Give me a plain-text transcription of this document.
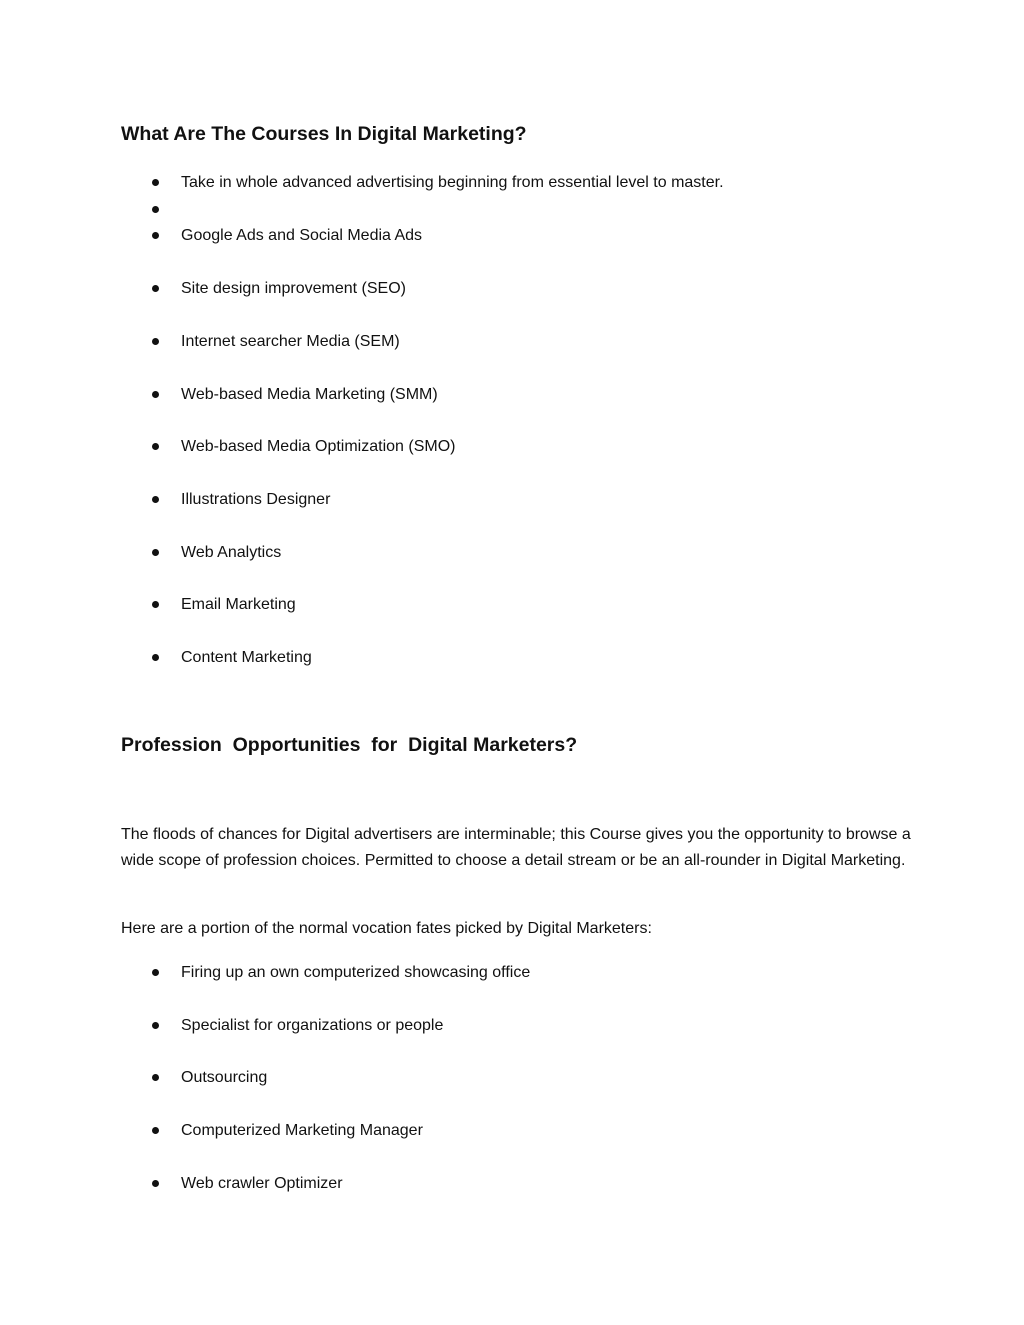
What Are The Courses In Digital Marketing?
Take in whole advanced advertising beginning from essential level to master.
Google Ads and Social Media Ads
Site design improvement (SEO)
Internet searcher Media (SEM)
Web-based Media Marketing (SMM)
Web-based Media Optimization (SMO)
Illustrations Designer
Web Analytics
Email Marketing
Content Marketing
Profession  Opportunities  for  Digital Marketers?

The floods of chances for Digital advertisers are interminable; this Course gives you the opportunity to browse a wide scope of profession choices. Permitted to choose a detail stream or be an all-rounder in Digital Marketing.

Here are a portion of the normal vocation fates picked by Digital Marketers:

Firing up an own computerized showcasing office
Specialist for organizations or people
Outsourcing
Computerized Marketing Manager
Web crawler Optimizer
